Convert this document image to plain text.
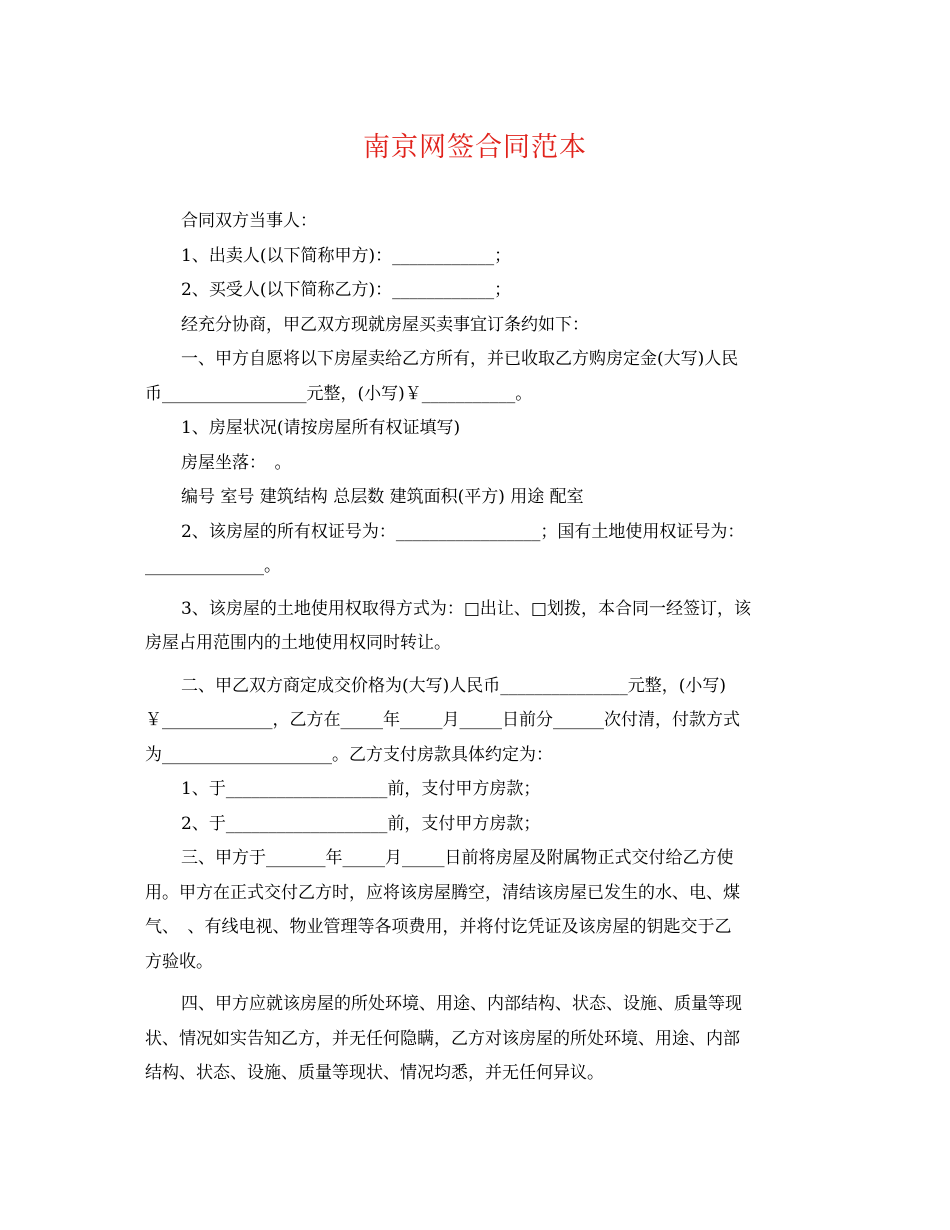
南京网签合同范本

合同双方当事人：

1、出卖人(以下简称甲方)：____________；

2、买受人(以下简称乙方)：____________；

经充分协商，甲乙双方现就房屋买卖事宜订条约如下：

一、甲方自愿将以下房屋卖给乙方所有，并已收取乙方购房定金(大写)人民

币_________________元整，(小写)￥___________。

1、房屋状况(请按房屋所有权证填写)

房屋坐落：　。

编号 室号 建筑结构 总层数 建筑面积(平方) 用途 配室

2、该房屋的所有权证号为：_________________；国有土地使用权证号为：

______________。

3、该房屋的土地使用权取得方式为：□出让、□划拨，本合同一经签订，该

房屋占用范围内的土地使用权同时转让。

二、甲乙双方商定成交价格为(大写)人民币_______________元整，(小写)

￥_____________，乙方在_____年_____月_____日前分______次付清，付款方式

为____________________。乙方支付房款具体约定为：

1、于___________________前，支付甲方房款；

2、于___________________前，支付甲方房款；

三、甲方于_______年_____月_____日前将房屋及附属物正式交付给乙方使

用。甲方在正式交付乙方时，应将该房屋腾空，清结该房屋已发生的水、电、煤

气、　、有线电视、物业管理等各项费用，并将付讫凭证及该房屋的钥匙交于乙

方验收。

四、甲方应就该房屋的所处环境、用途、内部结构、状态、设施、质量等现

状、情况如实告知乙方，并无任何隐瞒，乙方对该房屋的所处环境、用途、内部

结构、状态、设施、质量等现状、情况均悉，并无任何异议。
